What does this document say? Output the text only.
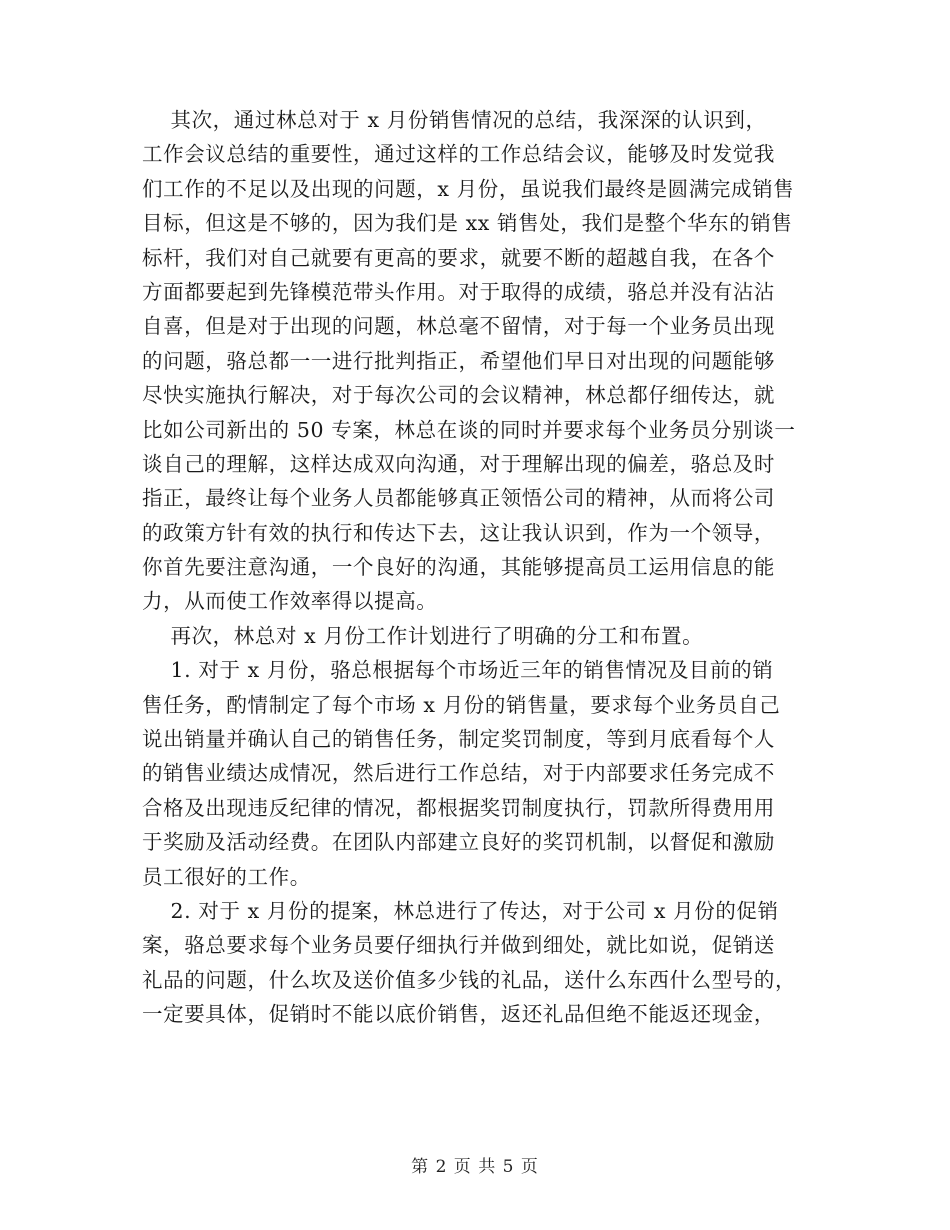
其次，通过林总对于 x 月份销售情况的总结，我深深的认识到，
工作会议总结的重要性，通过这样的工作总结会议，能够及时发觉我
们工作的不足以及出现的问题，x 月份，虽说我们最终是圆满完成销售
目标，但这是不够的，因为我们是 xx 销售处，我们是整个华东的销售
标杆，我们对自己就要有更高的要求，就要不断的超越自我，在各个
方面都要起到先锋模范带头作用。对于取得的成绩，骆总并没有沾沾
自喜，但是对于出现的问题，林总毫不留情，对于每一个业务员出现
的问题，骆总都一一进行批判指正，希望他们早日对出现的问题能够
尽快实施执行解决，对于每次公司的会议精神，林总都仔细传达，就
比如公司新出的 50 专案，林总在谈的同时并要求每个业务员分别谈一
谈自己的理解，这样达成双向沟通，对于理解出现的偏差，骆总及时
指正，最终让每个业务人员都能够真正领悟公司的精神，从而将公司
的政策方针有效的执行和传达下去，这让我认识到，作为一个领导，
你首先要注意沟通，一个良好的沟通，其能够提高员工运用信息的能
力，从而使工作效率得以提高。
再次，林总对 x 月份工作计划进行了明确的分工和布置。
1. 对于 x 月份，骆总根据每个市场近三年的销售情况及目前的销
售任务，酌情制定了每个市场 x 月份的销售量，要求每个业务员自己
说出销量并确认自己的销售任务，制定奖罚制度，等到月底看每个人
的销售业绩达成情况，然后进行工作总结，对于内部要求任务完成不
合格及出现违反纪律的情况，都根据奖罚制度执行，罚款所得费用用
于奖励及活动经费。在团队内部建立良好的奖罚机制，以督促和激励
员工很好的工作。
2. 对于 x 月份的提案，林总进行了传达，对于公司 x 月份的促销
案，骆总要求每个业务员要仔细执行并做到细处，就比如说，促销送
礼品的问题，什么坎及送价值多少钱的礼品，送什么东西什么型号的，
一定要具体，促销时不能以底价销售，返还礼品但绝不能返还现金，
第 2 页 共 5 页
